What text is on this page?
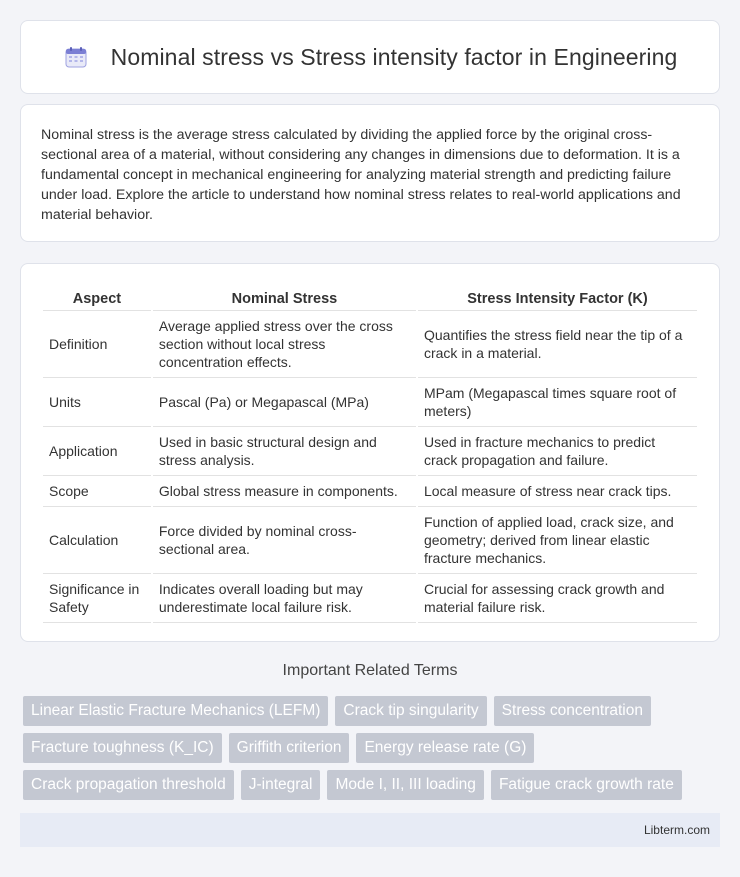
Nominal stress vs Stress intensity factor in Engineering

Nominal stress is the average stress calculated by dividing the applied force by the original cross-sectional area of a material, without considering any changes in dimensions due to deformation. It is a fundamental concept in mechanical engineering for analyzing material strength and predicting failure under load. Explore the article to understand how nominal stress relates to real-world applications and material behavior.

Aspect	Nominal Stress	Stress Intensity Factor (K)
Definition	Average applied stress over the cross section without local stress concentration effects.	Quantifies the stress field near the tip of a crack in a material.
Units	Pascal (Pa) or Megapascal (MPa)	MPam (Megapascal times square root of meters)
Application	Used in basic structural design and stress analysis.	Used in fracture mechanics to predict crack propagation and failure.
Scope	Global stress measure in components.	Local measure of stress near crack tips.
Calculation	Force divided by nominal cross-sectional area.	Function of applied load, crack size, and geometry; derived from linear elastic fracture mechanics.
Significance in Safety	Indicates overall loading but may underestimate local failure risk.	Crucial for assessing crack growth and material failure risk.
Important Related Terms
Linear Elastic Fracture Mechanics (LEFM)	Crack tip singularity	Stress concentration
Fracture toughness (K_IC)	Griffith criterion	Energy release rate (G)
Crack propagation threshold	J-integral	Mode I, II, III loading	Fatigue crack growth rate
Libterm.com
